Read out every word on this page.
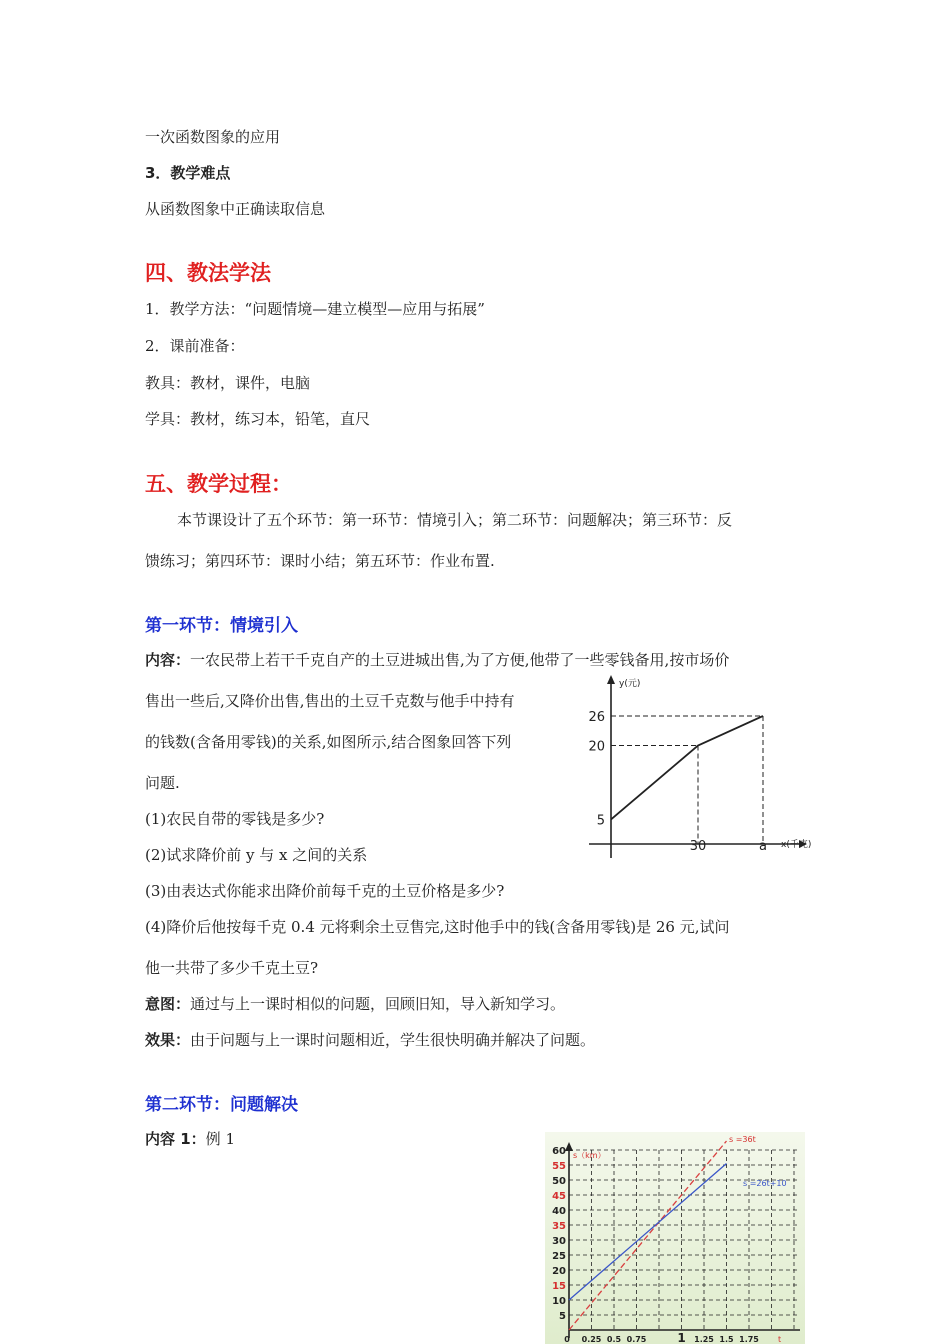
一次函数图象的应用
3．教学难点
从函数图象中正确读取信息
四、教法学法
1．教学方法：“问题情境—建立模型—应用与拓展”
2．课前准备：
教具：教材，课件，电脑
学具：教材，练习本，铅笔，直尺
五、教学过程：
本节课设计了五个环节：第一环节：情境引入；第二环节：问题解决；第三环节：反
馈练习；第四环节：课时小结；第五环节：作业布置.
第一环节：情境引入
内容：一农民带上若干千克自产的土豆进城出售,为了方便,他带了一些零钱备用,按市场价
售出一些后,又降价出售,售出的土豆千克数与他手中持有
的钱数(含备用零钱)的关系,如图所示,结合图象回答下列
问题.
(1)农民自带的零钱是多少?
(2)试求降价前 y 与 x 之间的关系
(3)由表达式你能求出降价前每千克的土豆价格是多少?
(4)降价后他按每千克 0.4 元将剩余土豆售完,这时他手中的钱(含备用零钱)是 26 元,试问
他一共带了多少千克土豆?
意图：通过与上一课时相似的问题，回顾旧知，导入新知学习。
效果：由于问题与上一课时问题相近，学生很快明确并解决了问题。
第二环节：问题解决
内容 1：例 1
5
20
26
30	a
y(元)
x(千克)
5
10
15
20
25
30
35
40
45
50
55
60
0 0.25 0.5 0.75	1 1.25 1.5 1.75
s（km）
t
s =36t
s =26t+10
